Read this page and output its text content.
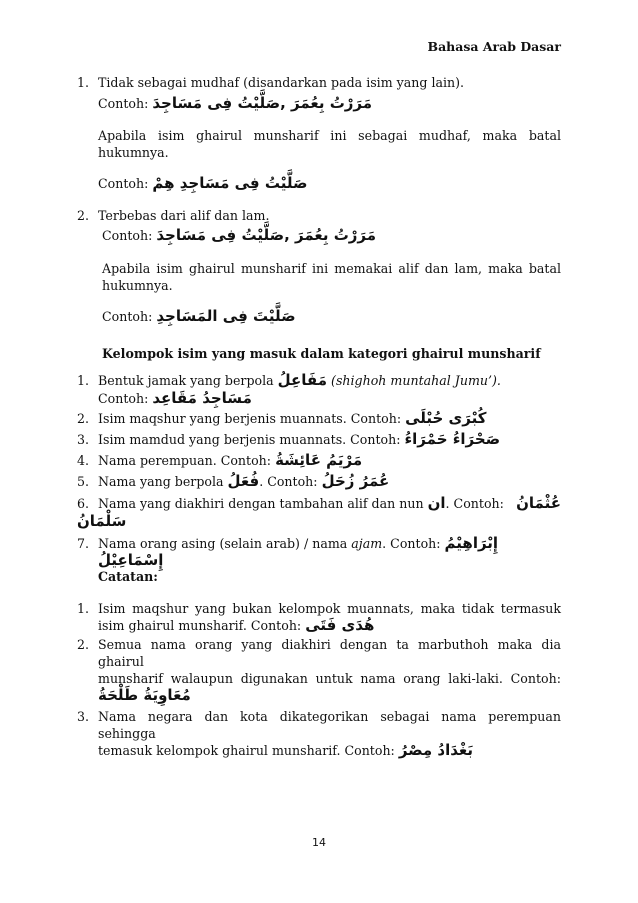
Bahasa Arab Dasar
1. Tidak sebagai mudhaf (disandarkan pada isim yang lain).
Contoh: مَرَرْتُ بِعُمَرَ ,صَلَّيْتُ فِى مَسَاجِدَ
Apabila isim ghairul munsharif ini sebagai mudhaf, maka batal
hukumnya.
Contoh: صَلَّيْتُ فِى مَسَاجِدِ هِمْ
2. Terbebas dari alif dan lam.
Contoh: مَرَرْتُ بِعُمَرَ ,صَلَّيْتُ فِى مَسَاجِدَ
Apabila isim ghairul munsharif ini memakai alif dan lam, maka batal
hukumnya.
Contoh: صَلَّيْتَ فِى المَسَاجِدِ
Kelompok isim yang masuk dalam kategori ghairul munsharif
1. Bentuk jamak yang berpola مَفَاعِلُ (shighoh muntahal Jumu’).
Contoh: مَسَاجِدُ مَقَاعِد
2. Isim maqshur yang berjenis muannats. Contoh: كُبْرَى حُبْلَى
3. Isim mamdud yang berjenis muannats. Contoh: صَحْرَاءُ حَمْرَاءُ
4. Nama perempuan. Contoh: مَرْيَمُ عَائِشَةُ
5. Nama yang berpola فُعَلُ. Contoh: عُمَرُ زُحَلُ
6. Nama yang diakhiri dengan tambahan alif dan nun ان. Contoh: عُثْمَانُ
سَلْمَانُ
7. Nama orang asing (selain arab) / nama ajam. Contoh: إِبْرَاهِيْمُ إِسْمَاعِيْلُ
Catatan:
1. Isim maqshur yang bukan kelompok muannats, maka tidak termasuk
isim ghairul munsharif. Contoh: هُدَى فَتَى
2. Semua nama orang yang diakhiri dengan ta marbuthoh maka dia ghairul
munsharif walaupun digunakan untuk nama orang laki-laki. Contoh:
مُعَاوِيَةُ طَلْحَةُ
3. Nama negara dan kota dikategorikan sebagai nama perempuan sehingga
temasuk kelompok ghairul munsharif. Contoh: بَغْدَادُ مِصْرُ
14
